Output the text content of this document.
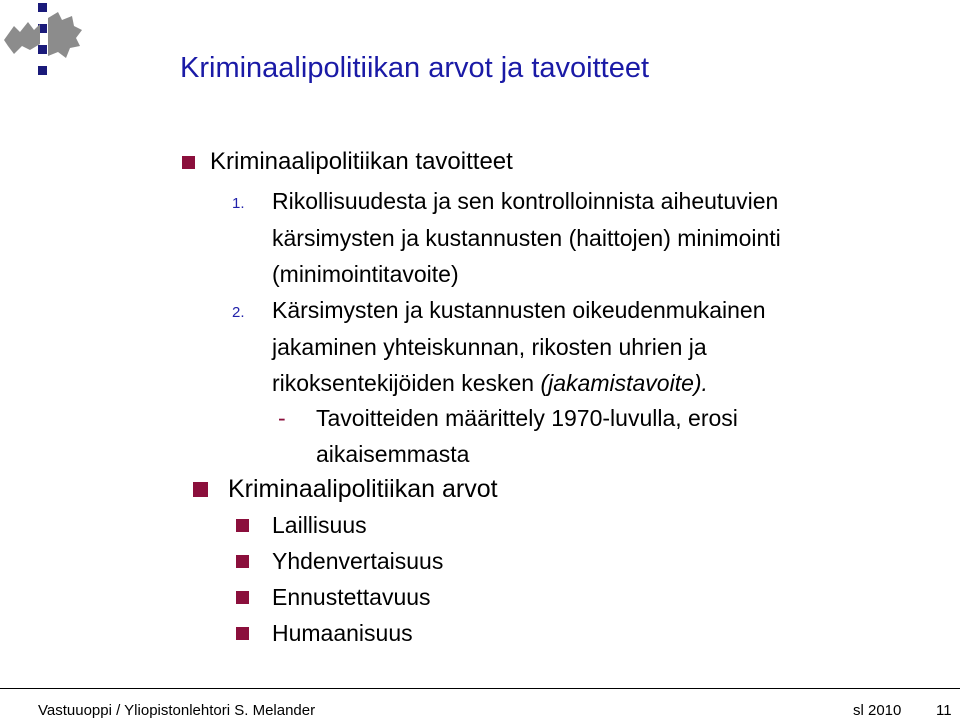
Kriminaalipolitiikan arvot ja tavoitteet
Kriminaalipolitiikan tavoitteet
1. Rikollisuudesta ja sen kontrolloinnista aiheutuvien
kärsimysten ja kustannusten (haittojen) minimointi
(minimointitavoite)
2. Kärsimysten ja kustannusten oikeudenmukainen
jakaminen yhteiskunnan, rikosten uhrien ja
rikoksentekijöiden kesken (jakamistavoite).
- Tavoitteiden määrittely 1970-luvulla, erosi
aikaisemmasta
Kriminaalipolitiikan arvot
Laillisuus
Yhdenvertaisuus
Ennustettavuus
Humaanisuus
Vastuuoppi / Yliopistonlehtori S. Melander	sl 2010 11
